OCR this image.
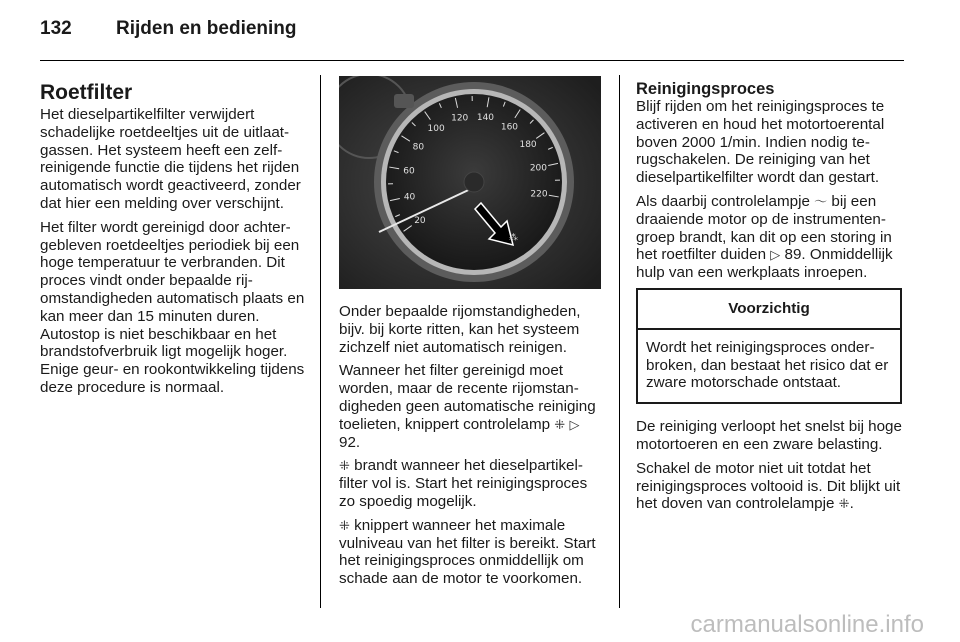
132 Rijden en bediening
Roetfilter

Het dieselpartikelfilter verwijdert schadelijke roetdeeltjes uit de uitlaatgassen. Het systeem heeft een zelfreinigende functie die tijdens het rijden automatisch wordt geactiveerd, zonder dat hier een melding over verschijnt.

Het filter wordt gereinigd door achtergebleven roetdeeltjes periodiek bij een hoge temperatuur te verbranden. Dit proces vindt onder bepaalde rijomstandigheden automatisch plaats en kan meer dan 15 minuten duren. Autostop is niet beschikbaar en het brandstofverbruik ligt mogelijk hoger. Enige geur- en rookontwikkeling tijdens deze procedure is normaal.

20
40
60
80
100
120 140
160
180
200
220
⁂

Onder bepaalde rijomstandigheden, bijv. bij korte ritten, kan het systeem zichzelf niet automatisch reinigen.

Wanneer het filter gereinigd moet worden, maar de recente rijomstandigheden geen automatische reiniging toelieten, knippert controlelamp ⁜ ▷ 92.

⁜ brandt wanneer het dieselpartikelfilter vol is. Start het reinigingsproces zo spoedig mogelijk.

⁜ knippert wanneer het maximale vulniveau van het filter is bereikt. Start het reinigingsproces onmiddellijk om schade aan de motor te voorkomen.

Reinigingsproces

Blijf rijden om het reinigingsproces te activeren en houd het motortoerental boven 2000 1/min. Indien nodig terugschakelen. De reiniging van het dieselpartikelfilter wordt dan gestart.

Als daarbij controlelampje 〜 bij een draaiende motor op de instrumentengroep brandt, kan dit op een storing in het roetfilter duiden ▷ 89. Onmiddellijk hulp van een werkplaats inroepen.

Voorzichtig
Wordt het reinigingsproces onderbroken, dan bestaat het risico dat er zware motorschade ontstaat.

De reiniging verloopt het snelst bij hoge motortoeren en een zware belasting.

Schakel de motor niet uit totdat het reinigingsproces voltooid is. Dit blijkt uit het doven van controlelampje ⁜.

carmanualsonline.info
